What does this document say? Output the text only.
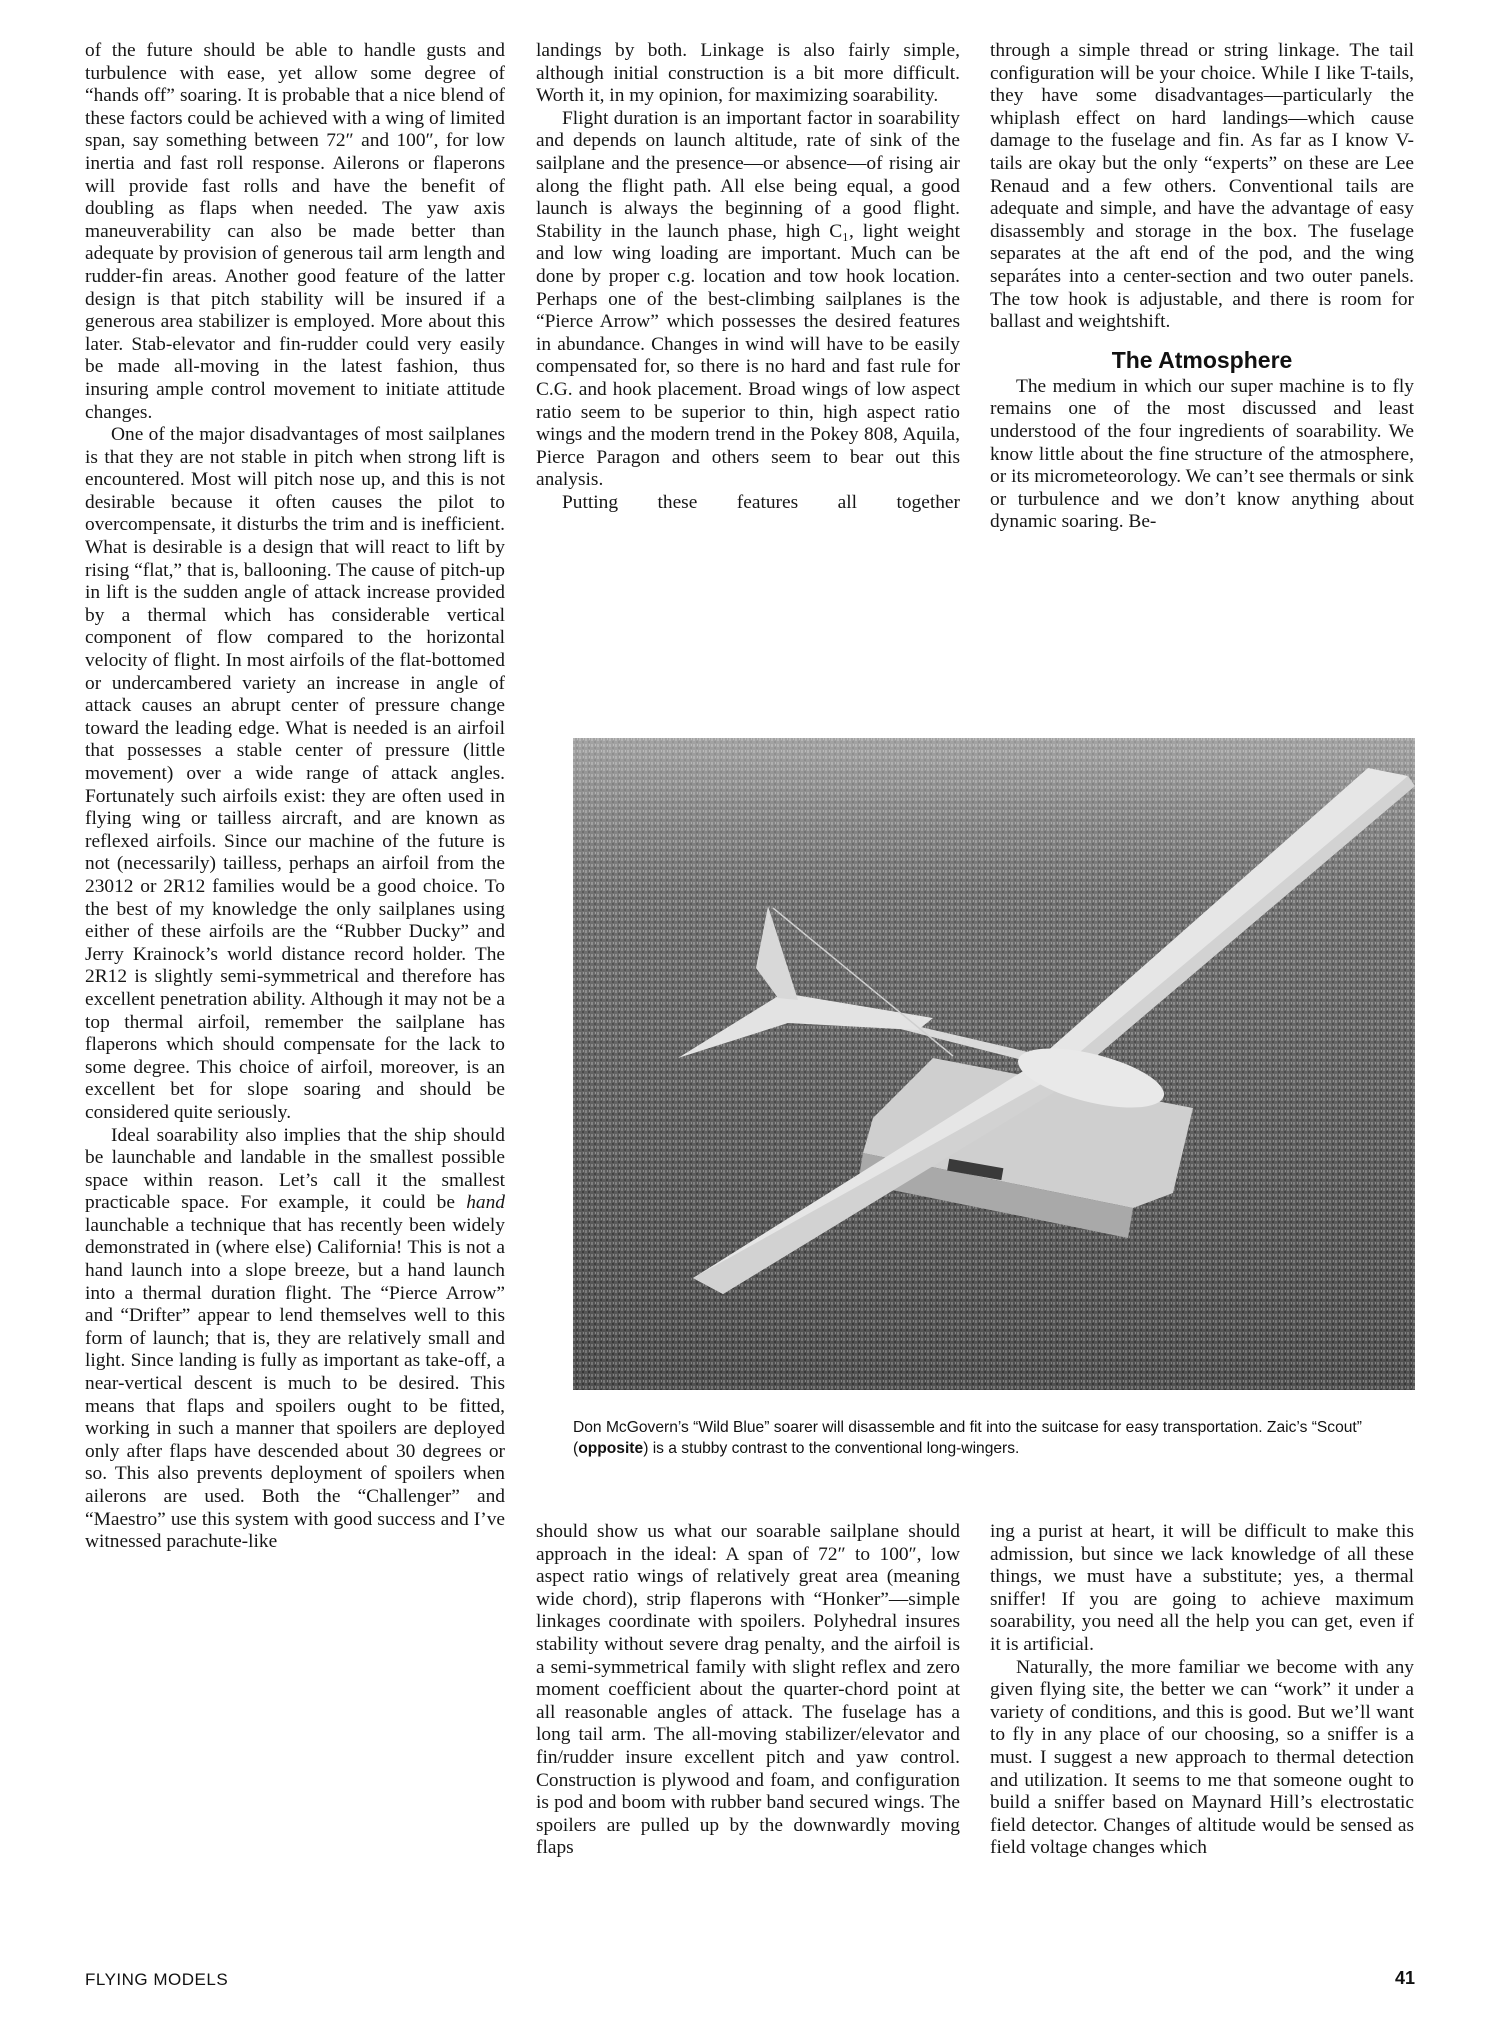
of the future should be able to handle gusts and turbulence with ease, yet allow some degree of “hands off” soaring. It is probable that a nice blend of these factors could be achieved with a wing of limited span, say something between 72″ and 100″, for low inertia and fast roll response. Ailerons or flaperons will provide fast rolls and have the benefit of doubling as flaps when needed. The yaw axis maneuverability can also be made better than adequate by provision of generous tail arm length and rudder-fin areas. Another good feature of the latter design is that pitch stability will be insured if a generous area stabilizer is employed. More about this later. Stab-elevator and fin-rudder could very easily be made all-moving in the latest fashion, thus insuring ample control movement to initiate attitude changes.

One of the major disadvantages of most sailplanes is that they are not stable in pitch when strong lift is encountered. Most will pitch nose up, and this is not desirable because it often causes the pilot to overcompensate, it disturbs the trim and is inefficient. What is desirable is a design that will react to lift by rising “flat,” that is, ballooning. The cause of pitch-up in lift is the sudden angle of attack increase provided by a thermal which has considerable vertical component of flow compared to the horizontal velocity of flight. In most airfoils of the flat-bottomed or undercambered variety an increase in angle of attack causes an abrupt center of pressure change toward the leading edge. What is needed is an airfoil that possesses a stable center of pressure (little movement) over a wide range of attack angles. Fortunately such airfoils exist: they are often used in flying wing or tailless aircraft, and are known as reflexed airfoils. Since our machine of the future is not (necessarily) tailless, perhaps an airfoil from the 23012 or 2R12 families would be a good choice. To the best of my knowledge the only sailplanes using either of these airfoils are the “Rubber Ducky” and Jerry Krainock’s world distance record holder. The 2R12 is slightly semi-symmetrical and therefore has excellent penetration ability. Although it may not be a top thermal airfoil, remember the sailplane has flaperons which should compensate for the lack to some degree. This choice of airfoil, moreover, is an excellent bet for slope soaring and should be considered quite seriously.

Ideal soarability also implies that the ship should be launchable and landable in the smallest possible space within reason. Let’s call it the smallest practicable space. For example, it could be hand launchable a technique that has recently been widely demonstrated in (where else) California! This is not a hand launch into a slope breeze, but a hand launch into a thermal duration flight. The “Pierce Arrow” and “Drifter” appear to lend themselves well to this form of launch; that is, they are relatively small and light. Since landing is fully as important as take-off, a near-vertical descent is much to be desired. This means that flaps and spoilers ought to be fitted, working in such a manner that spoilers are deployed only after flaps have descended about 30 degrees or so. This also prevents deployment of spoilers when ailerons are used. Both the “Challenger” and “Maestro” use this system with good success and I’ve witnessed parachute-like

landings by both. Linkage is also fairly simple, although initial construction is a bit more difficult. Worth it, in my opinion, for maximizing soarability.

Flight duration is an important factor in soarability and depends on launch altitude, rate of sink of the sailplane and the presence—or absence—of rising air along the flight path. All else being equal, a good launch is always the beginning of a good flight. Stability in the launch phase, high C₁, light weight and low wing loading are important. Much can be done by proper c.g. location and tow hook location. Perhaps one of the best-climbing sailplanes is the “Pierce Arrow” which possesses the desired features in abundance. Changes in wind will have to be easily compensated for, so there is no hard and fast rule for C.G. and hook placement. Broad wings of low aspect ratio seem to be superior to thin, high aspect ratio wings and the modern trend in the Pokey 808, Aquila, Pierce Paragon and others seem to bear out this analysis.

Putting these features all together

through a simple thread or string linkage. The tail configuration will be your choice. While I like T-tails, they have some disadvantages—particularly the whiplash effect on hard landings—which cause damage to the fuselage and fin. As far as I know V-tails are okay but the only “experts” on these are Lee Renaud and a few others. Conventional tails are adequate and simple, and have the advantage of easy disassembly and storage in the box. The fuselage separates at the aft end of the pod, and the wing separátes into a center-section and two outer panels. The tow hook is adjustable, and there is room for ballast and weightshift.

The Atmosphere

The medium in which our super machine is to fly remains one of the most discussed and least understood of the four ingredients of soarability. We know little about the fine structure of the atmosphere, or its micrometeorology. We can’t see thermals or sink or turbulence and we don’t know anything about dynamic soaring. Be-

Don McGovern’s “Wild Blue” soarer will disassemble and fit into the suitcase for easy transportation. Zaic’s “Scout” (opposite) is a stubby contrast to the conventional long-wingers.

should show us what our soarable sailplane should approach in the ideal: A span of 72″ to 100″, low aspect ratio wings of relatively great area (meaning wide chord), strip flaperons with “Honker”—simple linkages coordinate with spoilers. Polyhedral insures stability without severe drag penalty, and the airfoil is a semi-symmetrical family with slight reflex and zero moment coefficient about the quarter-chord point at all reasonable angles of attack. The fuselage has a long tail arm. The all-moving stabilizer/elevator and fin/rudder insure excellent pitch and yaw control. Construction is plywood and foam, and configuration is pod and boom with rubber band secured wings. The spoilers are pulled up by the downwardly moving flaps

ing a purist at heart, it will be difficult to make this admission, but since we lack knowledge of all these things, we must have a substitute; yes, a thermal sniffer! If you are going to achieve maximum soarability, you need all the help you can get, even if it is artificial.

Naturally, the more familiar we become with any given flying site, the better we can “work” it under a variety of conditions, and this is good. But we’ll want to fly in any place of our choosing, so a sniffer is a must. I suggest a new approach to thermal detection and utilization. It seems to me that someone ought to build a sniffer based on Maynard Hill’s electrostatic field detector. Changes of altitude would be sensed as field voltage changes which

FLYING MODELS	41
